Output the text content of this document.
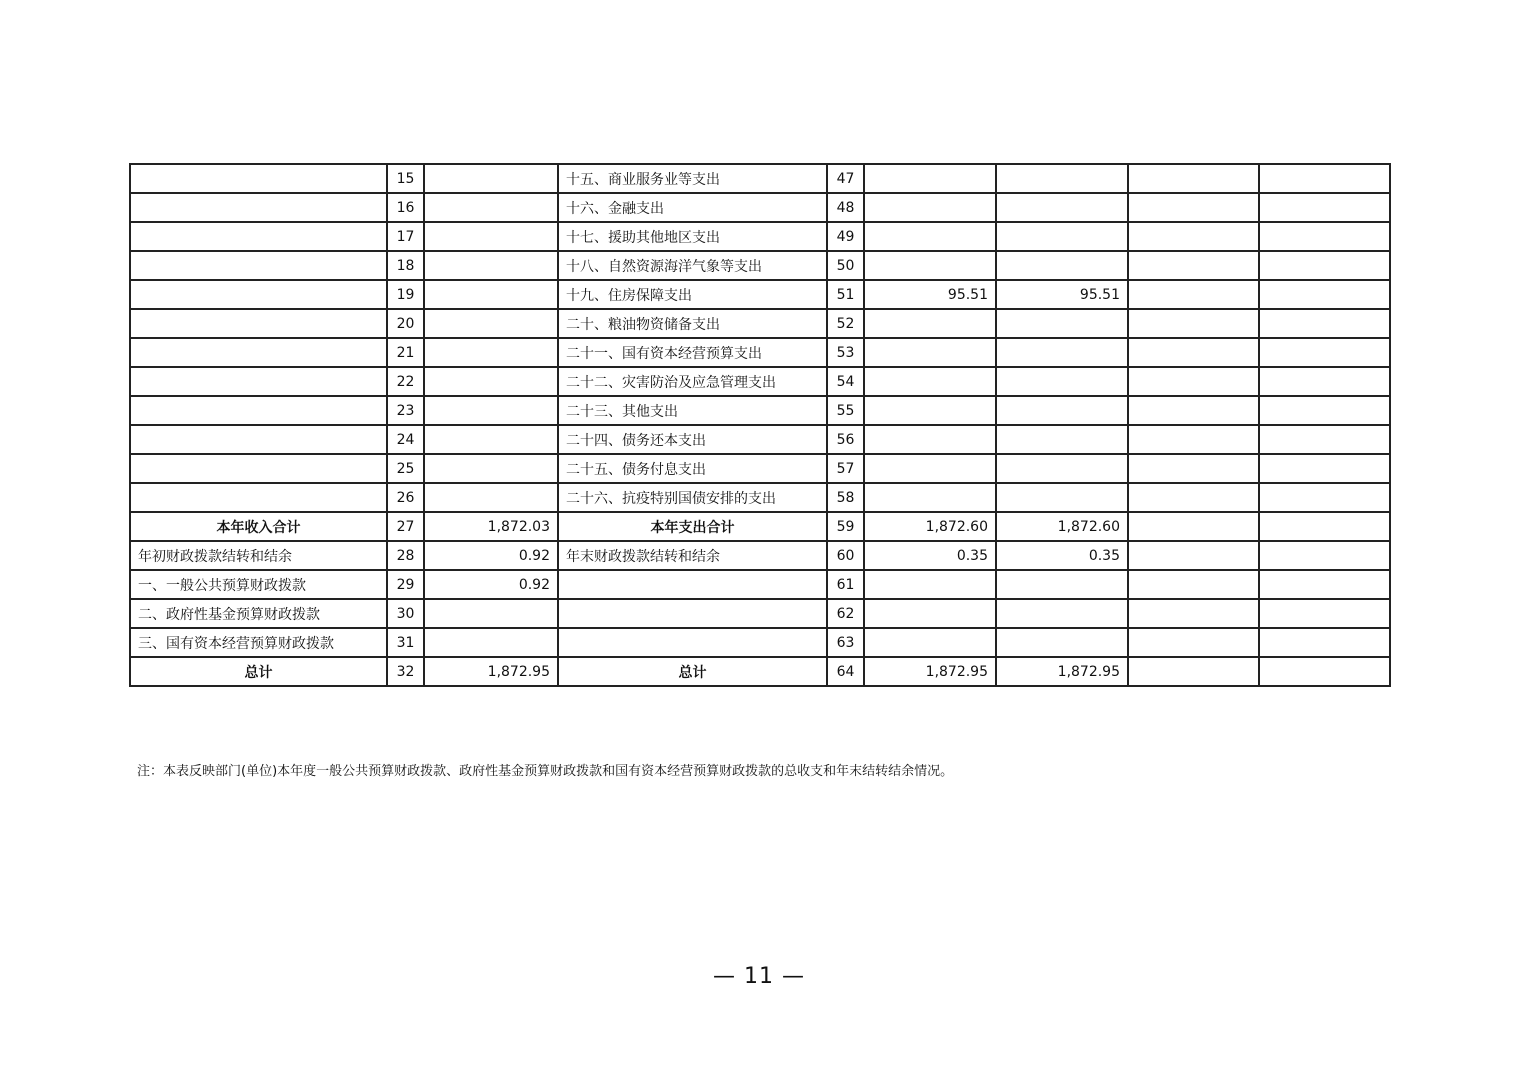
	15		十五、商业服务业等支出	47				
	16		十六、金融支出	48				
	17		十七、援助其他地区支出	49				
	18		十八、自然资源海洋气象等支出	50				
	19		十九、住房保障支出	51	95.51	95.51		
	20		二十、粮油物资储备支出	52				
	21		二十一、国有资本经营预算支出	53				
	22		二十二、灾害防治及应急管理支出	54				
	23		二十三、其他支出	55				
	24		二十四、债务还本支出	56				
	25		二十五、债务付息支出	57				
	26		二十六、抗疫特别国债安排的支出	58				
本年收入合计	27	1,872.03	本年支出合计	59	1,872.60	1,872.60		
年初财政拨款结转和结余	28	0.92	年末财政拨款结转和结余	60	0.35	0.35		
一、一般公共预算财政拨款	29	0.92		61				
二、政府性基金预算财政拨款	30			62				
三、国有资本经营预算财政拨款	31			63				
总计	32	1,872.95	总计	64	1,872.95	1,872.95		
注：本表反映部门(单位)本年度一般公共预算财政拨款、政府性基金预算财政拨款和国有资本经营预算财政拨款的总收支和年末结转结余情况。
— 11 —
